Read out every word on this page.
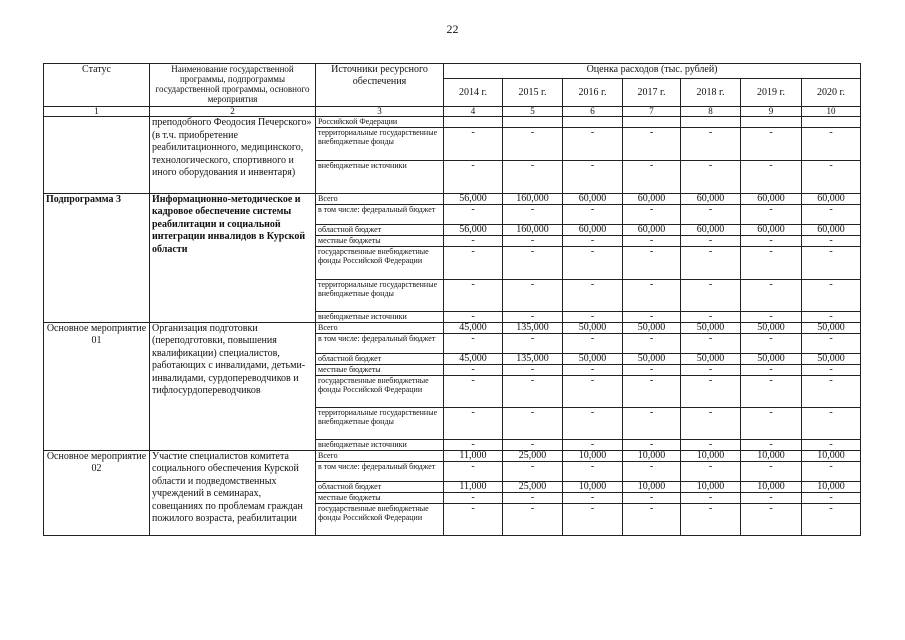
22
Статус	Наименование государственной программы, подпрограммы государственной программы, основного мероприятия	Источники ресурсного обеспечения	Оценка расходов (тыс. рублей)						
			2014 г.	2015 г.	2016 г.	2017 г.	2018 г.	2019 г.	2020 г.
1	2	3	4	5	6	7	8	9	10
	преподобного Феодосия Печерского» (в т.ч. приобретение реабилитационного, медицинского, технологического, спортивного и иного оборудования и инвентаря)	Российской Федерации							
		территориальные государственные внебюджетные фонды	-	-	-	-	-	-	-
		внебюджетные источники	-	-	-	-	-	-	-
Подпрограмма 3	Информационно-методическое и кадровое обеспечение системы реабилитации и социальной интеграции инвалидов в Курской области	Всего	56,000	160,000	60,000	60,000	60,000	60,000	60,000
		в том числе: федеральный бюджет	-	-	-	-	-	-	-
		областной бюджет	56,000	160,000	60,000	60,000	60,000	60,000	60,000
		местные бюджеты	-	-	-	-	-	-	-
		государственные внебюджетные фонды Российской Федерации	-	-	-	-	-	-	-
		территориальные государственные внебюджетные фонды	-	-	-	-	-	-	-
		внебюджетные источники	-	-	-	-	-	-	-
Основное мероприятие 01	Организация подготовки (переподготовки, повышения квалификации) специалистов, работающих с инвалидами, детьми-инвалидами, сурдопереводчиков и тифлосурдопереводчиков	Всего	45,000	135,000	50,000	50,000	50,000	50,000	50,000
		в том числе: федеральный бюджет	-	-	-	-	-	-	-
		областной бюджет	45,000	135,000	50,000	50,000	50,000	50,000	50,000
		местные бюджеты	-	-	-	-	-	-	-
		государственные внебюджетные фонды Российской Федерации	-	-	-	-	-	-	-
		территориальные государственные внебюджетные фонды	-	-	-	-	-	-	-
		внебюджетные источники	-	-	-	-	-	-	-
Основное мероприятие 02	Участие специалистов комитета социального обеспечения Курской области и подведомственных учреждений в семинарах, совещаниях по проблемам граждан пожилого возраста, реабилитации	Всего	11,000	25,000	10,000	10,000	10,000	10,000	10,000
		в том числе: федеральный бюджет	-	-	-	-	-	-	-
		областной бюджет	11,000	25,000	10,000	10,000	10,000	10,000	10,000
		местные бюджеты	-	-	-	-	-	-	-
		государственные внебюджетные фонды Российской Федерации	-	-	-	-	-	-	-
